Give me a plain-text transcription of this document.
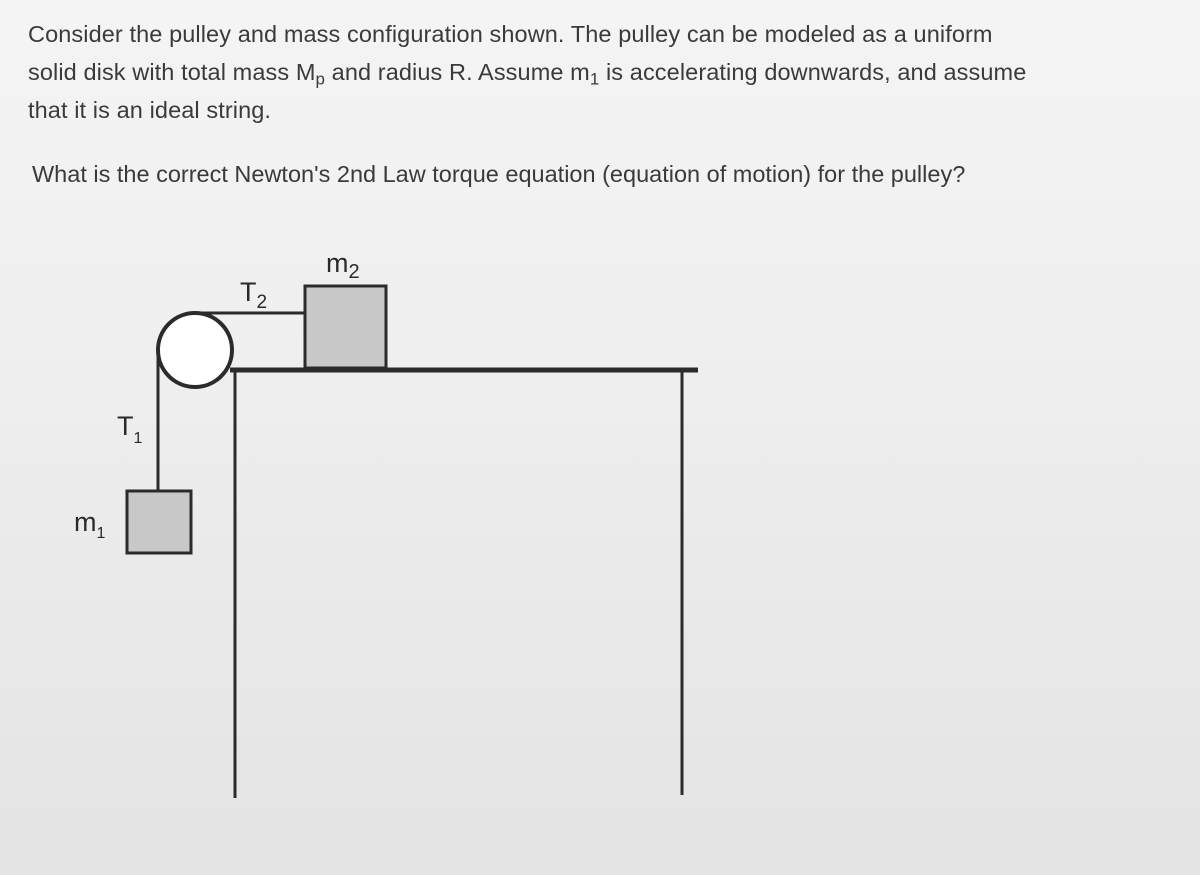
Consider the pulley and mass configuration shown. The pulley can be modeled as a uniform

solid disk with total mass $M_p$ and radius R. Assume $m_1$ is accelerating downwards, and assume

that it is an ideal string.

What is the correct Newton's 2nd Law torque equation (equation of motion) for the pulley?

$m_2$
$T_2$
$T_1$
$m_1$
